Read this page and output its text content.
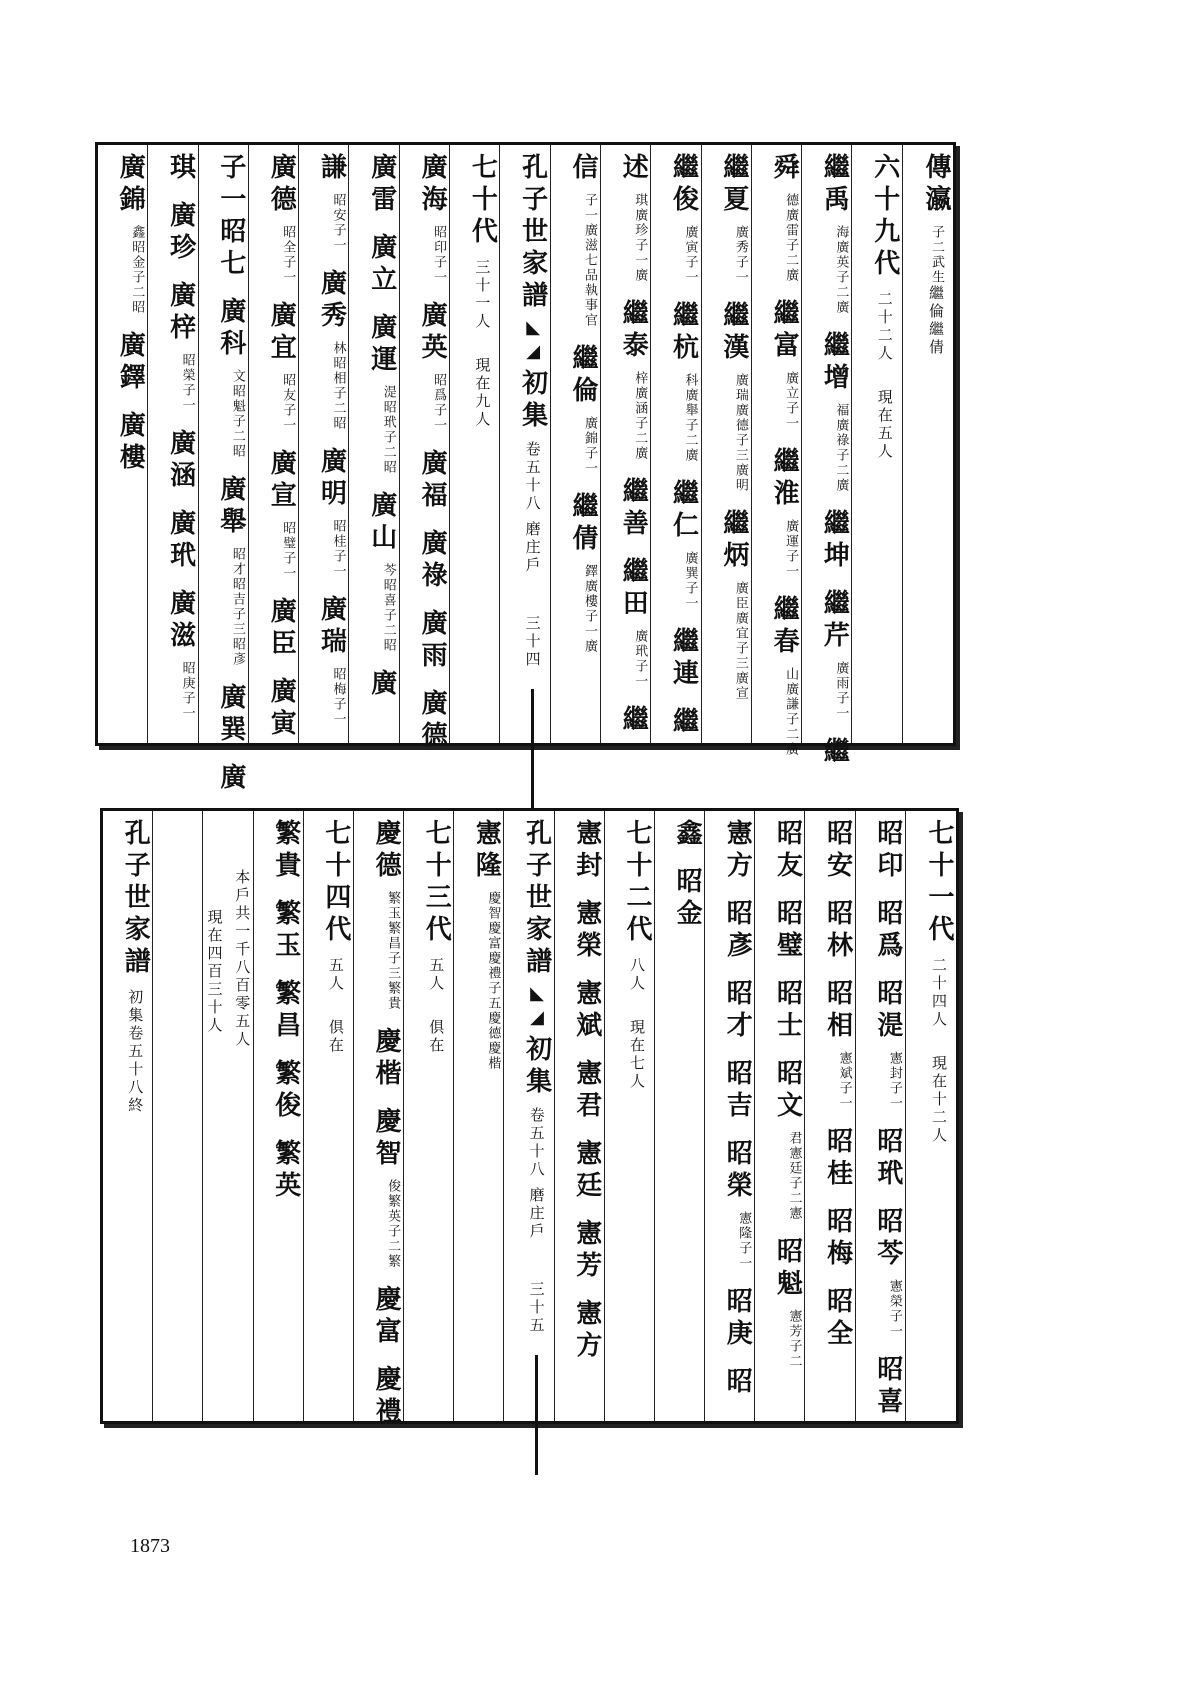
傳瀛
武生
子二
繼倫繼倩
六十九代二十二人現在五人
繼禹
子二廣
海廣英
繼增
子二廣
福廣祿
繼坤
繼芹
子一
廣雨
繼
舜
子二廣
德廣雷
繼富
子一
廣立
繼淮
子一
廣運
繼春
子二廣
山廣謙
繼夏
子一
廣秀
繼漢
子三廣明
廣瑞廣德
繼炳
子三廣宣
廣臣廣宜
繼俊
子一
廣寅
繼杭
子二廣
科廣舉
繼仁
子一
廣巽
繼連
繼
述
子一廣
琪廣珍
繼泰
子二廣
梓廣涵
繼善
繼田
子一
廣玳
繼
信
七品執事官
子一廣滋
繼倫
子一
廣錦
繼倩
子一廣
鐸廣樓
孔子世家譜◣◢初集卷五十八磨庄戶三十四
七十代三十一人現在九人
廣海
子一
昭印
廣英
子一
昭爲
廣福
廣祿
廣雨
廣德
廣雷
廣立
廣運
子二昭
湜昭玳
廣山
子二昭
芩昭喜
廣
謙
子一
昭安
廣秀
子二昭
林昭相
廣明
子一
昭桂
廣瑞
子一
昭梅
廣德
子一
昭全
廣宜
子一
昭友
廣宣
子一
昭璧
廣臣
廣寅
子一昭七
廣科
子二昭
文昭魁
廣舉
子三昭彥
昭才昭吉
廣巽
廣
琪
廣珍
廣梓
子一
昭榮
廣涵
廣玳
廣滋
子一
昭庚
廣錦
子二昭
鑫昭金
廣鐸
廣樓
七十一代二十四人現在十二人
昭印
昭爲
昭湜
子一
憲封
昭玳
昭芩
子一
憲榮
昭喜
昭安
昭林
昭相
子一
憲斌
昭桂
昭梅
昭全
昭友
昭璧
昭士
昭文
子二憲
君憲廷
昭魁
子二
憲芳
憲方
昭彥
昭才
昭吉
昭榮
子一
憲隆
昭庚
昭
鑫
昭金
七十二代八人現在七人
憲封
憲榮
憲斌
憲君
憲廷
憲芳
憲方
孔子世家譜◣◢初集卷五十八磨庄戶三十五
憲隆
子五慶德慶楷
慶智慶富慶禮
七十三代五人俱在
慶德
子三繁貴
繁玉繁昌
慶楷
慶智
子二繁
俊繁英
慶富
慶禮
七十四代五人俱在
繁貴
繁玉
繁昌
繁俊
繁英
本戶共一千八百零五人
現在四百三十人
孔子世家譜初集卷五十八終
1873
